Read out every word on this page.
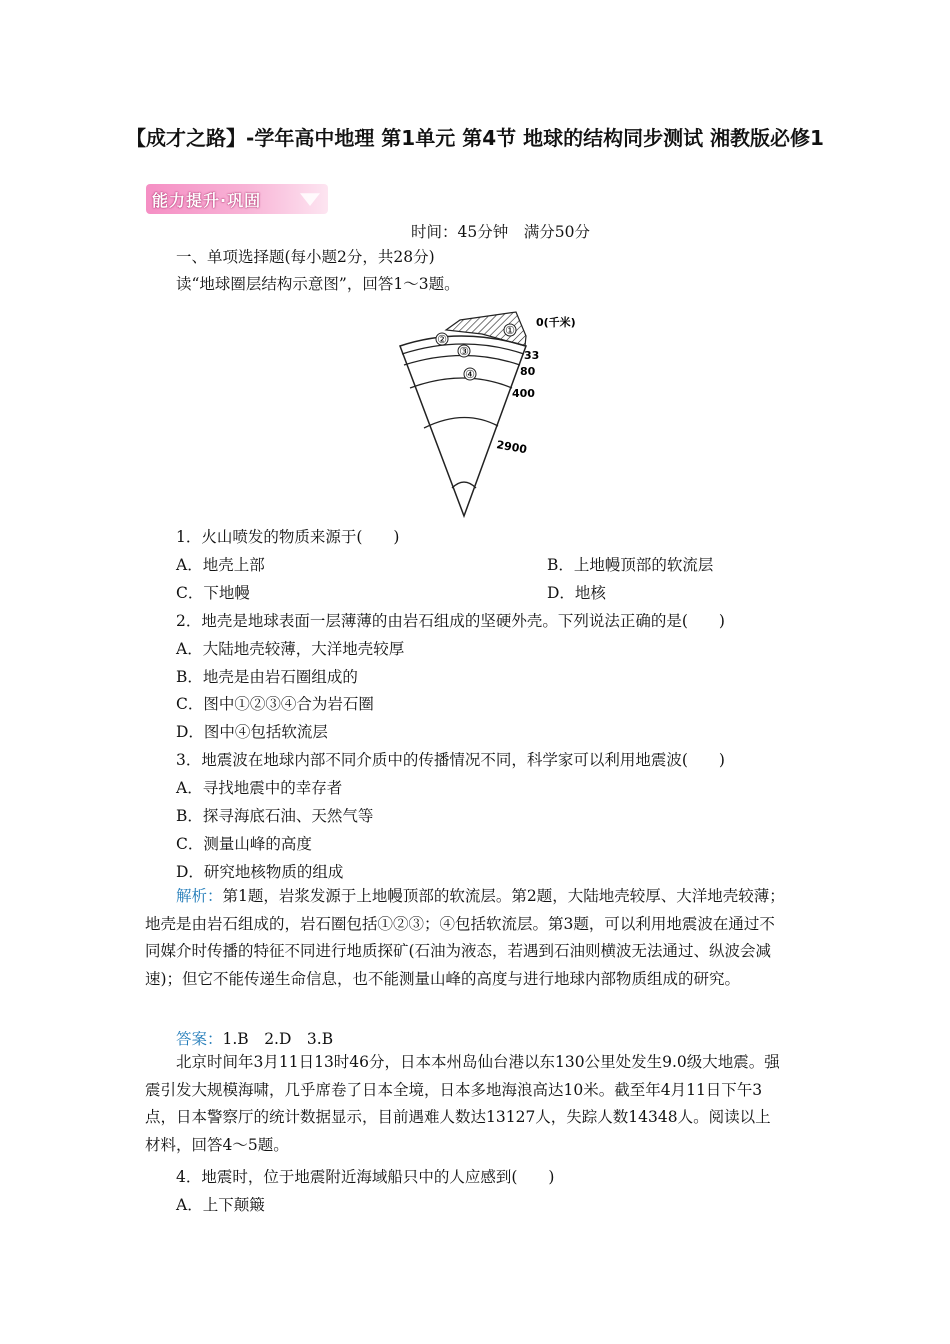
【成才之路】-学年高中地理 第1单元 第4节 地球的结构同步测试 湘教版必修1
能力提升·巩固
时间：45分钟　满分50分
一、单项选择题(每小题2分，共28分)
读“地球圈层结构示意图”，回答1～3题。
①
②
③
④
0(千米)
33
80
400
2900
1．火山喷发的物质来源于(　　)
A．地壳上部	B．上地幔顶部的软流层
C．下地幔	D．地核
2．地壳是地球表面一层薄薄的由岩石组成的坚硬外壳。下列说法正确的是(　　)
A．大陆地壳较薄，大洋地壳较厚
B．地壳是由岩石圈组成的
C．图中①②③④合为岩石圈
D．图中④包括软流层
3．地震波在地球内部不同介质中的传播情况不同，科学家可以利用地震波(　　)
A．寻找地震中的幸存者
B．探寻海底石油、天然气等
C．测量山峰的高度
D．研究地核物质的组成
解析：第1题，岩浆发源于上地幔顶部的软流层。第2题，大陆地壳较厚、大洋地壳较薄；地壳是由岩石组成的，岩石圈包括①②③；④包括软流层。第3题，可以利用地震波在通过不同媒介时传播的特征不同进行地质探矿(石油为液态，若遇到石油则横波无法通过、纵波会减速)；但它不能传递生命信息，也不能测量山峰的高度与进行地球内部物质组成的研究。
答案：1.B　2.D　3.B
北京时间年3月11日13时46分，日本本州岛仙台港以东130公里处发生9.0级大地震。强震引发大规模海啸，几乎席卷了日本全境，日本多地海浪高达10米。截至年4月11日下午3点，日本警察厅的统计数据显示，目前遇难人数达13127人，失踪人数14348人。阅读以上材料，回答4～5题。
4．地震时，位于地震附近海域船只中的人应感到(　　)
A．上下颠簸
